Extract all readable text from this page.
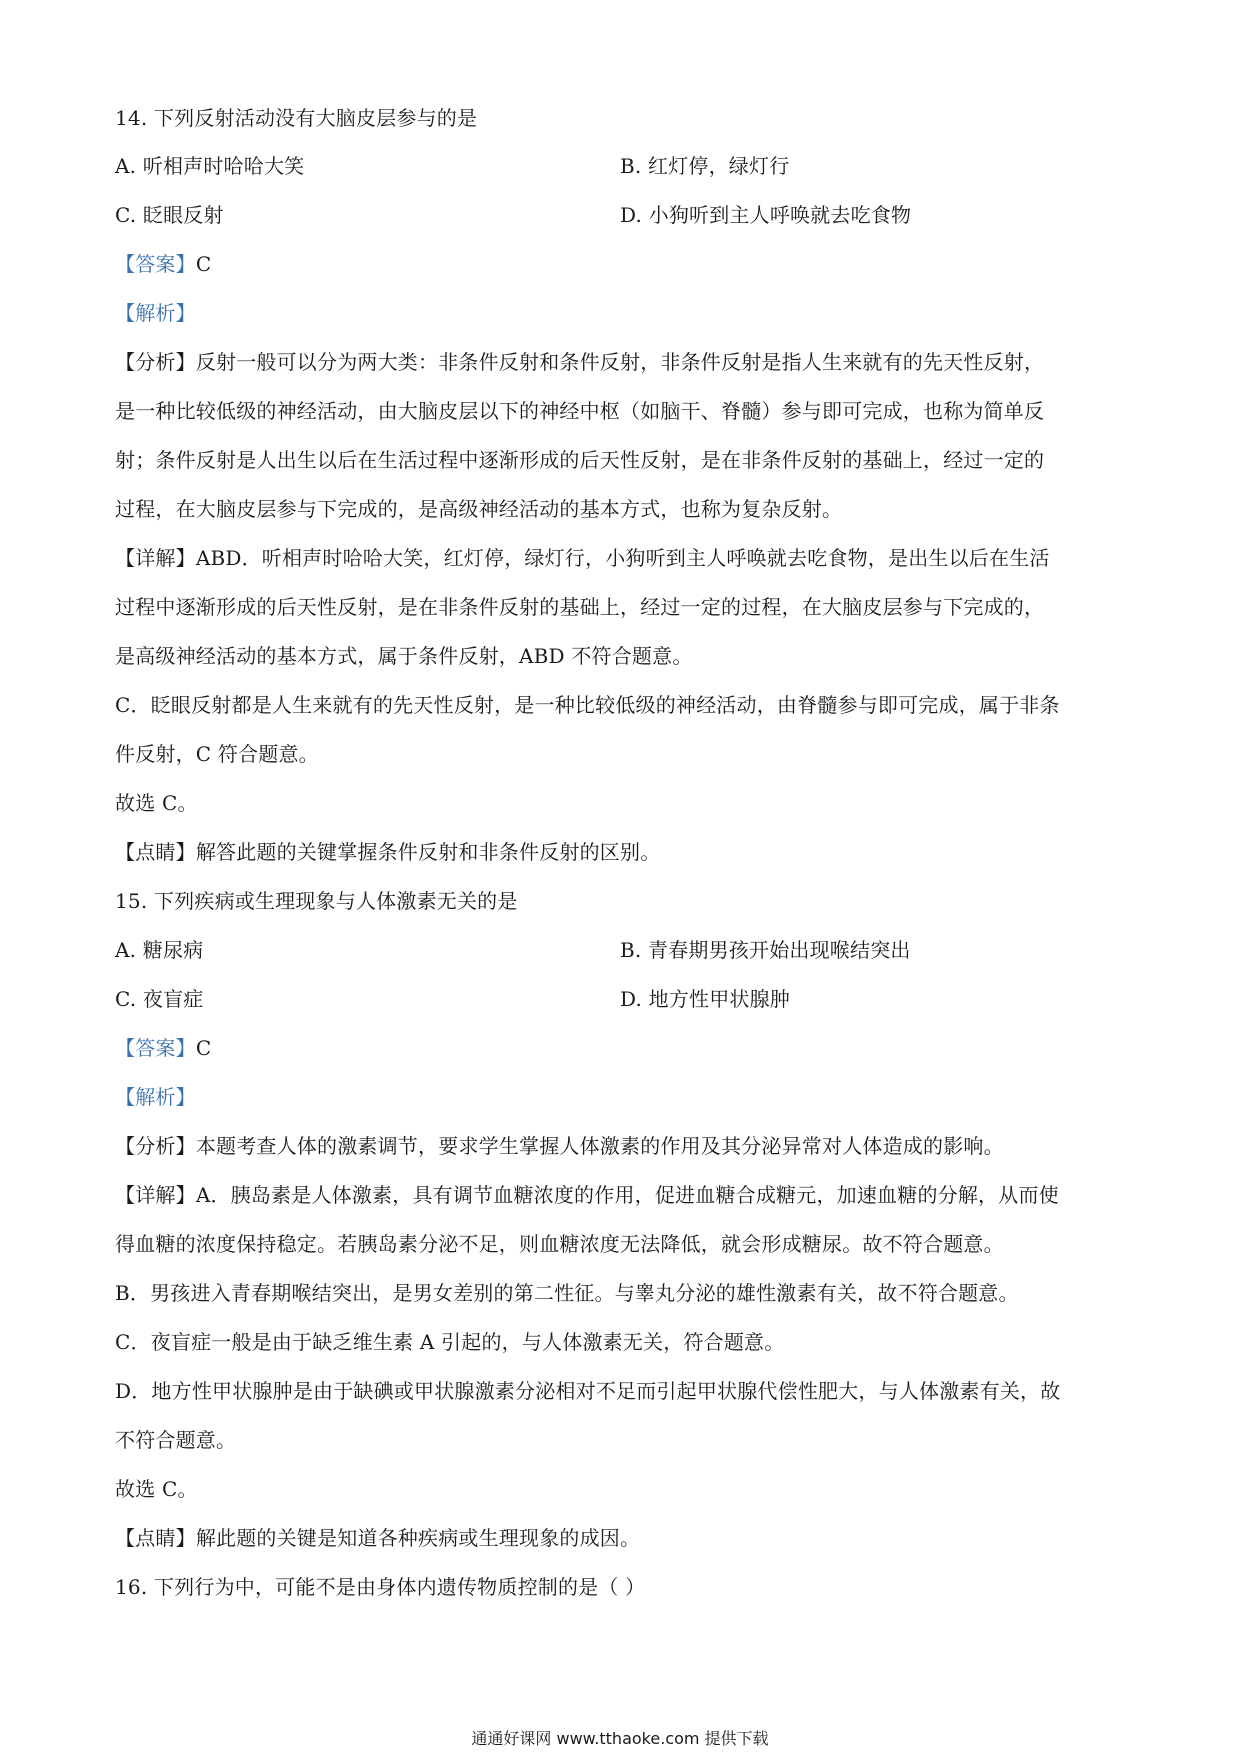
14. 下列反射活动没有大脑皮层参与的是
A. 听相声时哈哈大笑	B. 红灯停，绿灯行
C. 眨眼反射	D. 小狗听到主人呼唤就去吃食物
【答案】C
【解析】
【分析】反射一般可以分为两大类：非条件反射和条件反射，非条件反射是指人生来就有的先天性反射，
是一种比较低级的神经活动，由大脑皮层以下的神经中枢（如脑干、脊髓）参与即可完成，也称为简单反
射；条件反射是人出生以后在生活过程中逐渐形成的后天性反射，是在非条件反射的基础上，经过一定的
过程，在大脑皮层参与下完成的，是高级神经活动的基本方式，也称为复杂反射。
【详解】ABD．听相声时哈哈大笑，红灯停，绿灯行，小狗听到主人呼唤就去吃食物，是出生以后在生活
过程中逐渐形成的后天性反射，是在非条件反射的基础上，经过一定的过程，在大脑皮层参与下完成的，
是高级神经活动的基本方式，属于条件反射，ABD 不符合题意。
C．眨眼反射都是人生来就有的先天性反射，是一种比较低级的神经活动，由脊髓参与即可完成，属于非条
件反射，C 符合题意。
故选 C。
【点睛】解答此题的关键掌握条件反射和非条件反射的区别。
15. 下列疾病或生理现象与人体激素无关的是
A. 糖尿病	B. 青春期男孩开始出现喉结突出
C. 夜盲症	D. 地方性甲状腺肿
【答案】C
【解析】
【分析】本题考查人体的激素调节，要求学生掌握人体激素的作用及其分泌异常对人体造成的影响。
【详解】A．胰岛素是人体激素，具有调节血糖浓度的作用，促进血糖合成糖元，加速血糖的分解，从而使
得血糖的浓度保持稳定。若胰岛素分泌不足，则血糖浓度无法降低，就会形成糖尿。故不符合题意。
B．男孩进入青春期喉结突出，是男女差别的第二性征。与睾丸分泌的雄性激素有关，故不符合题意。
C．夜盲症一般是由于缺乏维生素 A 引起的，与人体激素无关，符合题意。
D．地方性甲状腺肿是由于缺碘或甲状腺激素分泌相对不足而引起甲状腺代偿性肥大，与人体激素有关，故
不符合题意。
故选 C。
【点睛】解此题的关键是知道各种疾病或生理现象的成因。
16. 下列行为中，可能不是由身体内遗传物质控制的是（ ）
通通好课网 www.tthaoke.com 提供下载
